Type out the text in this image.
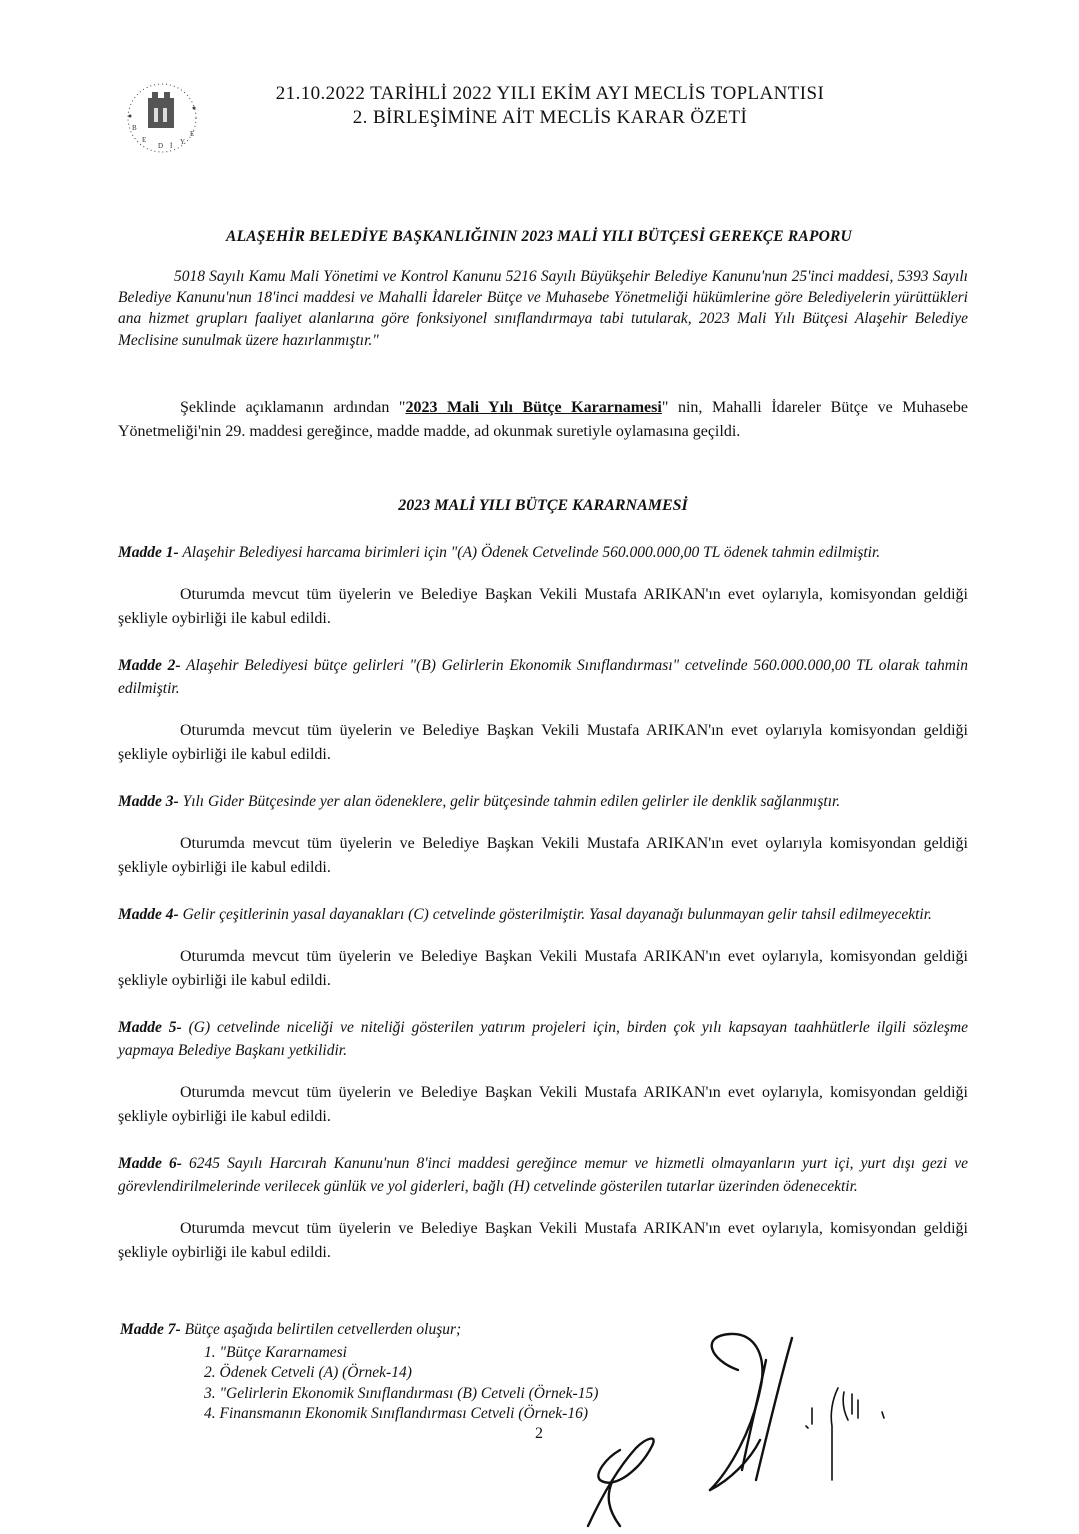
B
E
D İ Y
E
21.10.2022 TARİHLİ 2022 YILI EKİM AYI MECLİS TOPLANTISI
2. BİRLEŞİMİNE AİT MECLİS KARAR ÖZETİ
ALAŞEHİR BELEDİYE BAŞKANLIĞININ 2023 MALİ YILI BÜTÇESİ GEREKÇE RAPORU

5018 Sayılı Kamu Mali Yönetimi ve Kontrol Kanunu 5216 Sayılı Büyükşehir Belediye Kanunu'nun 25'inci maddesi, 5393 Sayılı Belediye Kanunu'nun 18'inci maddesi ve Mahalli İdareler Bütçe ve Muhasebe Yönetmeliği hükümlerine göre Belediyelerin yürüttükleri ana hizmet grupları faaliyet alanlarına göre fonksiyonel sınıflandırmaya tabi tutularak, 2023 Mali Yılı Bütçesi Alaşehir Belediye Meclisine sunulmak üzere hazırlanmıştır."

Şeklinde açıklamanın ardından "2023 Mali Yılı Bütçe Kararnamesi" nin, Mahalli İdareler Bütçe ve Muhasebe Yönetmeliği'nin 29. maddesi gereğince, madde madde, ad okunmak suretiyle oylamasına geçildi.

2023 MALİ YILI BÜTÇE KARARNAMESİ

Madde 1- Alaşehir Belediyesi harcama birimleri için "(A) Ödenek Cetvelinde 560.000.000,00 TL ödenek tahmin edilmiştir.

Oturumda mevcut tüm üyelerin ve Belediye Başkan Vekili Mustafa ARIKAN'ın evet oylarıyla, komisyondan geldiği şekliyle oybirliği ile kabul edildi.

Madde 2- Alaşehir Belediyesi bütçe gelirleri "(B) Gelirlerin Ekonomik Sınıflandırması" cetvelinde 560.000.000,00 TL olarak tahmin edilmiştir.

Oturumda mevcut tüm üyelerin ve Belediye Başkan Vekili Mustafa ARIKAN'ın evet oylarıyla komisyondan geldiği şekliyle oybirliği ile kabul edildi.

Madde 3- Yılı Gider Bütçesinde yer alan ödeneklere, gelir bütçesinde tahmin edilen gelirler ile denklik sağlanmıştır.

Oturumda mevcut tüm üyelerin ve Belediye Başkan Vekili Mustafa ARIKAN'ın evet oylarıyla komisyondan geldiği şekliyle oybirliği ile kabul edildi.

Madde 4- Gelir çeşitlerinin yasal dayanakları (C) cetvelinde gösterilmiştir. Yasal dayanağı bulunmayan gelir tahsil edilmeyecektir.

Oturumda mevcut tüm üyelerin ve Belediye Başkan Vekili Mustafa ARIKAN'ın evet oylarıyla, komisyondan geldiği şekliyle oybirliği ile kabul edildi.

Madde 5- (G) cetvelinde niceliği ve niteliği gösterilen yatırım projeleri için, birden çok yılı kapsayan taahhütlerle ilgili sözleşme yapmaya Belediye Başkanı yetkilidir.

Oturumda mevcut tüm üyelerin ve Belediye Başkan Vekili Mustafa ARIKAN'ın evet oylarıyla, komisyondan geldiği şekliyle oybirliği ile kabul edildi.

Madde 6- 6245 Sayılı Harcırah Kanunu'nun 8'inci maddesi gereğince memur ve hizmetli olmayanların yurt içi, yurt dışı gezi ve görevlendirilmelerinde verilecek günlük ve yol giderleri, bağlı (H) cetvelinde gösterilen tutarlar üzerinden ödenecektir.

Oturumda mevcut tüm üyelerin ve Belediye Başkan Vekili Mustafa ARIKAN'ın evet oylarıyla, komisyondan geldiği şekliyle oybirliği ile kabul edildi.

Madde 7- Bütçe aşağıda belirtilen cetvellerden oluşur;
1. "Bütçe Kararnamesi
2. Ödenek Cetveli (A) (Örnek-14)
3. "Gelirlerin Ekonomik Sınıflandırması (B) Cetveli (Örnek-15)
4. Finansmanın Ekonomik Sınıflandırması Cetveli (Örnek-16)
2
